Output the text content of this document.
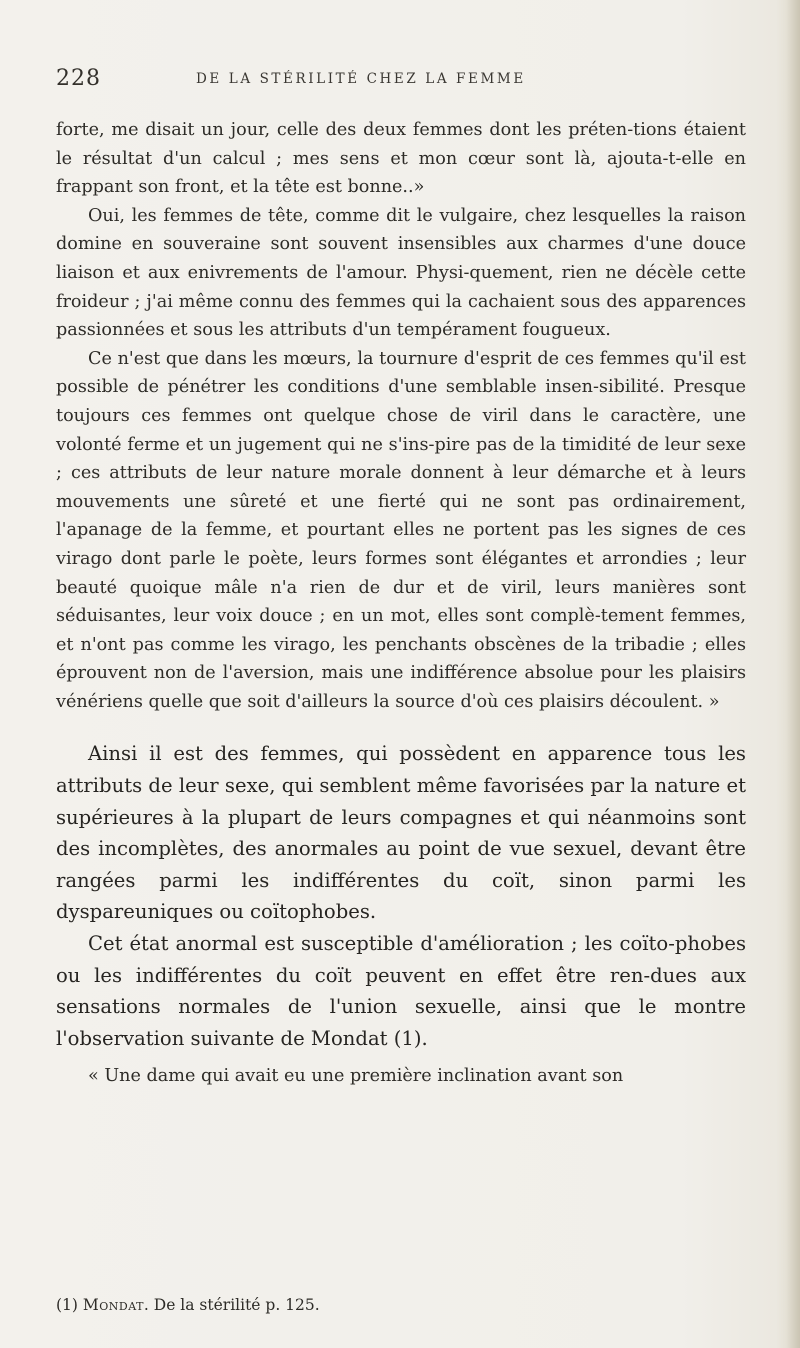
228	DE LA STÉRILITÉ CHEZ LA FEMME

forte, me disait un jour, celle des deux femmes dont les préten-tions étaient le résultat d'un calcul ; mes sens et mon cœur sont là, ajouta-t-elle en frappant son front, et la tête est bonne..»

Oui, les femmes de tête, comme dit le vulgaire, chez lesquelles la raison domine en souveraine sont souvent insensibles aux charmes d'une douce liaison et aux enivrements de l'amour. Physi-quement, rien ne décèle cette froideur ; j'ai même connu des femmes qui la cachaient sous des apparences passionnées et sous les attributs d'un tempérament fougueux.

Ce n'est que dans les mœurs, la tournure d'esprit de ces femmes qu'il est possible de pénétrer les conditions d'une semblable insen-sibilité. Presque toujours ces femmes ont quelque chose de viril dans le caractère, une volonté ferme et un jugement qui ne s'ins-pire pas de la timidité de leur sexe ; ces attributs de leur nature morale donnent à leur démarche et à leurs mouvements une sûreté et une fierté qui ne sont pas ordinairement, l'apanage de la femme, et pourtant elles ne portent pas les signes de ces virago dont parle le poète, leurs formes sont élégantes et arrondies ; leur beauté quoique mâle n'a rien de dur et de viril, leurs manières sont séduisantes, leur voix douce ; en un mot, elles sont complè-tement femmes, et n'ont pas comme les virago, les penchants obscènes de la tribadie ; elles éprouvent non de l'aversion, mais une indifférence absolue pour les plaisirs vénériens quelle que soit d'ailleurs la source d'où ces plaisirs découlent. »

Ainsi il est des femmes, qui possèdent en apparence tous les attributs de leur sexe, qui semblent même favorisées par la nature et supérieures à la plupart de leurs compagnes et qui néanmoins sont des incomplètes, des anormales au point de vue sexuel, devant être rangées parmi les indifférentes du coït, sinon parmi les dyspareuniques ou coïtophobes.

Cet état anormal est susceptible d'amélioration ; les coïto-phobes ou les indifférentes du coït peuvent en effet être ren-dues aux sensations normales de l'union sexuelle, ainsi que le montre l'observation suivante de Mondat (1).

« Une dame qui avait eu une première inclination avant son

(1) Mondat. De la stérilité p. 125.
